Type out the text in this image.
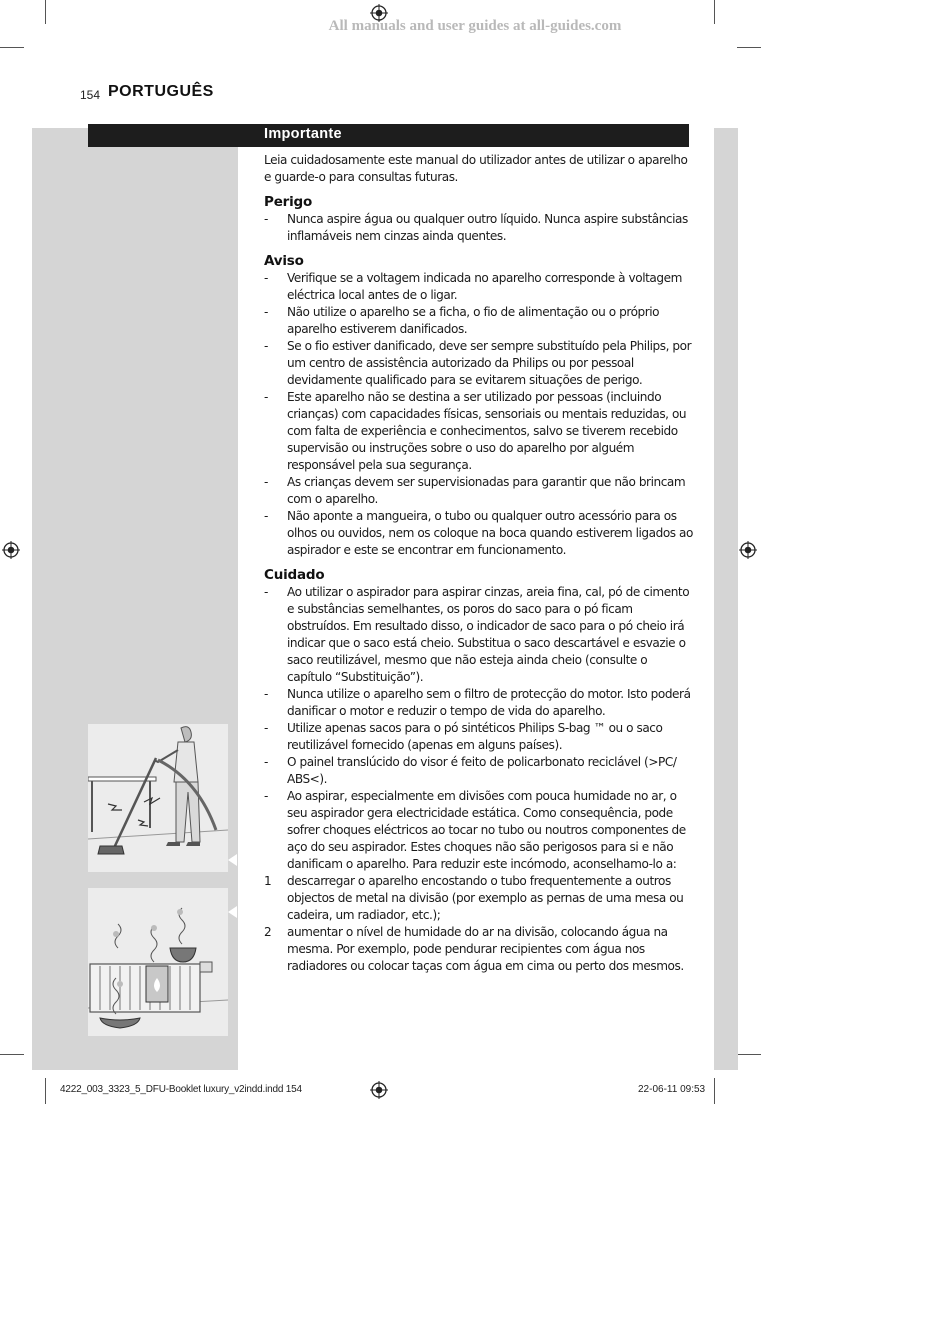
All manuals and user guides at all-guides.com
154 PORTUGUÊS
Importante

Leia cuidadosamente este manual do utilizador antes de utilizar o aparelho e guarde-o para consultas futuras.

Perigo

- Nunca aspire água ou qualquer outro líquido. Nunca aspire substâncias inflamáveis nem cinzas ainda quentes.

Aviso

- Verifique se a voltagem indicada no aparelho corresponde à voltagem eléctrica local antes de o ligar.
- Não utilize o aparelho se a ficha, o fio de alimentação ou o próprio aparelho estiverem danificados.
- Se o fio estiver danificado, deve ser sempre substituído pela Philips, por um centro de assistência autorizado da Philips ou por pessoal devidamente qualificado para se evitarem situações de perigo.
- Este aparelho não se destina a ser utilizado por pessoas (incluindo crianças) com capacidades físicas, sensoriais ou mentais reduzidas, ou com falta de experiência e conhecimentos, salvo se tiverem recebido supervisão ou instruções sobre o uso do aparelho por alguém responsável pela sua segurança.
- As crianças devem ser supervisionadas para garantir que não brincam com o aparelho.
- Não aponte a mangueira, o tubo ou qualquer outro acessório para os olhos ou ouvidos, nem os coloque na boca quando estiverem ligados ao aspirador e este se encontrar em funcionamento.

Cuidado

- Ao utilizar o aspirador para aspirar cinzas, areia fina, cal, pó de cimento e substâncias semelhantes, os poros do saco para o pó ficam obstruídos. Em resultado disso, o indicador de saco para o pó cheio irá indicar que o saco está cheio. Substitua o saco descartável e esvazie o saco reutilizável, mesmo que não esteja ainda cheio (consulte o capítulo “Substituição”).
- Nunca utilize o aparelho sem o filtro de protecção do motor. Isto poderá danificar o motor e reduzir o tempo de vida do aparelho.
- Utilize apenas sacos para o pó sintéticos Philips S-bag ™ ou o saco reutilizável fornecido (apenas em alguns países).
- O painel translúcido do visor é feito de policarbonato reciclável (>PC/ ABS<).
- Ao aspirar, especialmente em divisões com pouca humidade no ar, o seu aspirador gera electricidade estática. Como consequência, pode sofrer choques eléctricos ao tocar no tubo ou noutros componentes de aço do seu aspirador. Estes choques não são perigosos para si e não danificam o aparelho. Para reduzir este incómodo, aconselhamo-lo a:
1 descarregar o aparelho encostando o tubo frequentemente a outros objectos de metal na divisão (por exemplo as pernas de uma mesa ou cadeira, um radiador, etc.);
2 aumentar o nível de humidade do ar na divisão, colocando água na mesma. Por exemplo, pode pendurar recipientes com água nos radiadores ou colocar taças com água em cima ou perto dos mesmos.
4222_003_3323_5_DFU-Booklet luxury_v2indd.indd 154	22-06-11 09:53
